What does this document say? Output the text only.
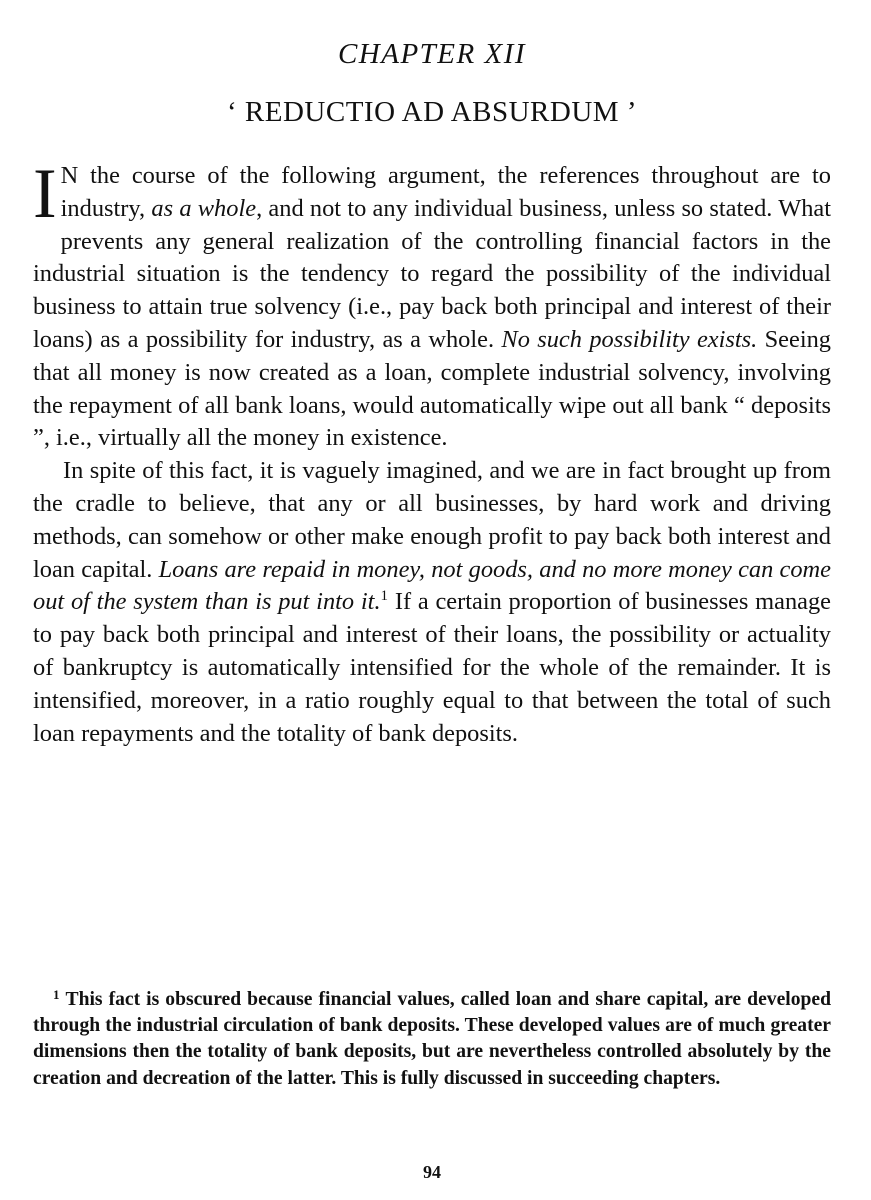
CHAPTER XII
‘ REDUCTIO AD ABSURDUM ’

I N the course of the following argument, the references throughout are to industry, as a whole, and not to any individual business, unless so stated. What prevents any general realization of the controlling financial factors in the industrial situation is the tendency to regard the possibility of the individual business to attain true solvency (i.e., pay back both principal and interest of their loans) as a possibility for industry, as a whole. No such possibility exists. Seeing that all money is now created as a loan, complete industrial solvency, involving the repayment of all bank loans, would automatically wipe out all bank “ deposits ”, i.e., virtually all the money in existence.

In spite of this fact, it is vaguely imagined, and we are in fact brought up from the cradle to believe, that any or all businesses, by hard work and driving methods, can somehow or other make enough profit to pay back both interest and loan capital. Loans are repaid in money, not goods, and no more money can come out of the system than is put into it.$^1$ If a certain proportion of businesses manage to pay back both principal and interest of their loans, the possibility or actuality of bankruptcy is automatically intensified for the whole of the remainder. It is intensified, moreover, in a ratio roughly equal to that between the total of such loan repayments and the totality of bank deposits.

$^1$ This fact is obscured because financial values, called loan and share capital, are developed through the industrial circulation of bank deposits. These developed values are of much greater dimensions then the totality of bank deposits, but are nevertheless controlled absolutely by the creation and decreation of the latter. This is fully discussed in succeeding chapters.
94
